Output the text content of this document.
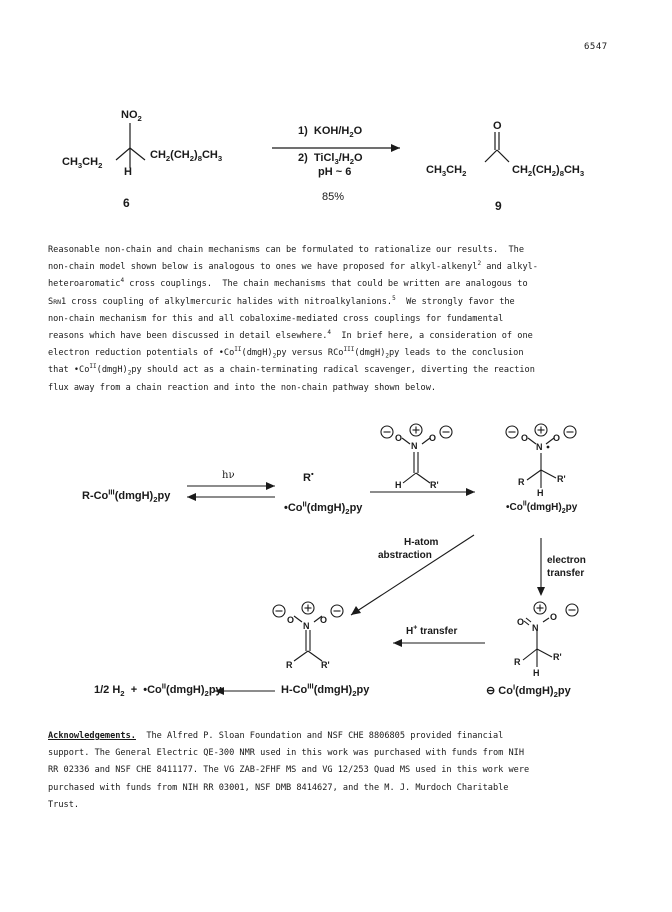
6547
$NO_2$
$CH_3CH_2$
$CH_2(CH_2)_8CH_3$
H
6
1)  KOH/$H_2O$
2)  $TiCl_3/H_2O$
pH ~ 6
85%
O
$CH_3CH_2$	$CH_2(CH_2)_8CH_3$
9

Reasonable non-chain and chain mechanisms can be formulated to rationalize our results.  The

non-chain model shown below is analogous to ones we have proposed for alkyl-alkenyl$^2$ and alkyl-

heteroaromatic$^4$ cross couplings.  The chain mechanisms that could be written are analogous to

SRN1 cross coupling of alkylmercuric halides with nitroalkylanions.$^5$  We strongly favor the

non-chain mechanism for this and all cobaloxime-mediated cross couplings for fundamental

reasons which have been discussed in detail elsewhere.$^4$  In brief here, a consideration of one

electron reduction potentials of $•Co^{II}(dmgH)_2py$ versus $RCo^{III}(dmgH)_2py$ leads to the conclusion

that $•Co^{II}(dmgH)_2py$ should act as a chain-terminating radical scavenger, diverting the reaction

flux away from a chain reaction and into the non-chain pathway shown below.

$R-Co^{III}(dmgH)_2py$
hν	R•
$•Co^{II}(dmgH)_2py$
O
N
O
H	R'
O
N
O
R	R'
H
$•Co^{II}(dmgH)_2py$
H-atom
abstraction	electron
transfer
O
N
O
R	R'
H
⊖ $Co^I(dmgH)_2py$
H+ transfer
O
N
O
R	R'
$H-Co^{III}(dmgH)_2py$
1/2 $H_2$  +  $•Co^{II}(dmgH)_2py$

Acknowledgements. The Alfred P. Sloan Foundation and NSF CHE 8806805 provided financial

support. The General Electric QE-300 NMR used in this work was purchased with funds from NIH

RR 02336 and NSF CHE 8411177. The VG ZAB-2FHF MS and VG 12/253 Quad MS used in this work were

purchased with funds from NIH RR 03001, NSF DMB 8414627, and the M. J. Murdoch Charitable

Trust.
